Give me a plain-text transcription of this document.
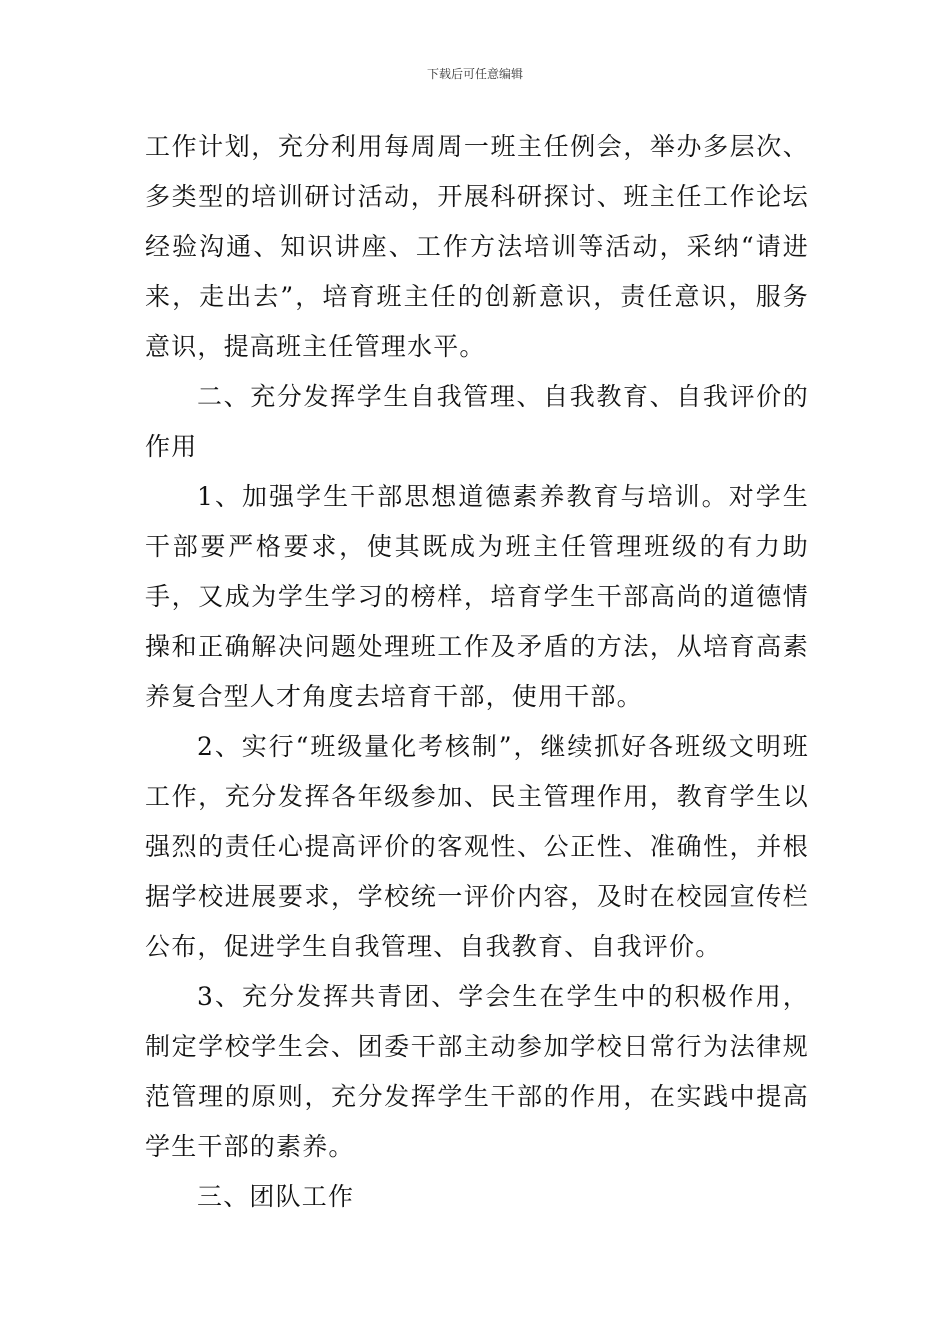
下载后可任意编辑

工作计划，充分利用每周周一班主任例会，举办多层次、多类型的培训研讨活动，开展科研探讨、班主任工作论坛经验沟通、知识讲座、工作方法培训等活动，采纳“请进来，走出去”，培育班主任的创新意识，责任意识，服务意识，提高班主任管理水平。

二、充分发挥学生自我管理、自我教育、自我评价的作用

1、加强学生干部思想道德素养教育与培训。对学生干部要严格要求，使其既成为班主任管理班级的有力助手，又成为学生学习的榜样，培育学生干部高尚的道德情操和正确解决问题处理班工作及矛盾的方法，从培育高素养复合型人才角度去培育干部，使用干部。

2、实行“班级量化考核制”，继续抓好各班级文明班工作，充分发挥各年级参加、民主管理作用，教育学生以强烈的责任心提高评价的客观性、公正性、准确性，并根据学校进展要求，学校统一评价内容，及时在校园宣传栏公布，促进学生自我管理、自我教育、自我评价。

3、充分发挥共青团、学会生在学生中的积极作用，制定学校学生会、团委干部主动参加学校日常行为法律规范管理的原则，充分发挥学生干部的作用，在实践中提高学生干部的素养。

三、团队工作
